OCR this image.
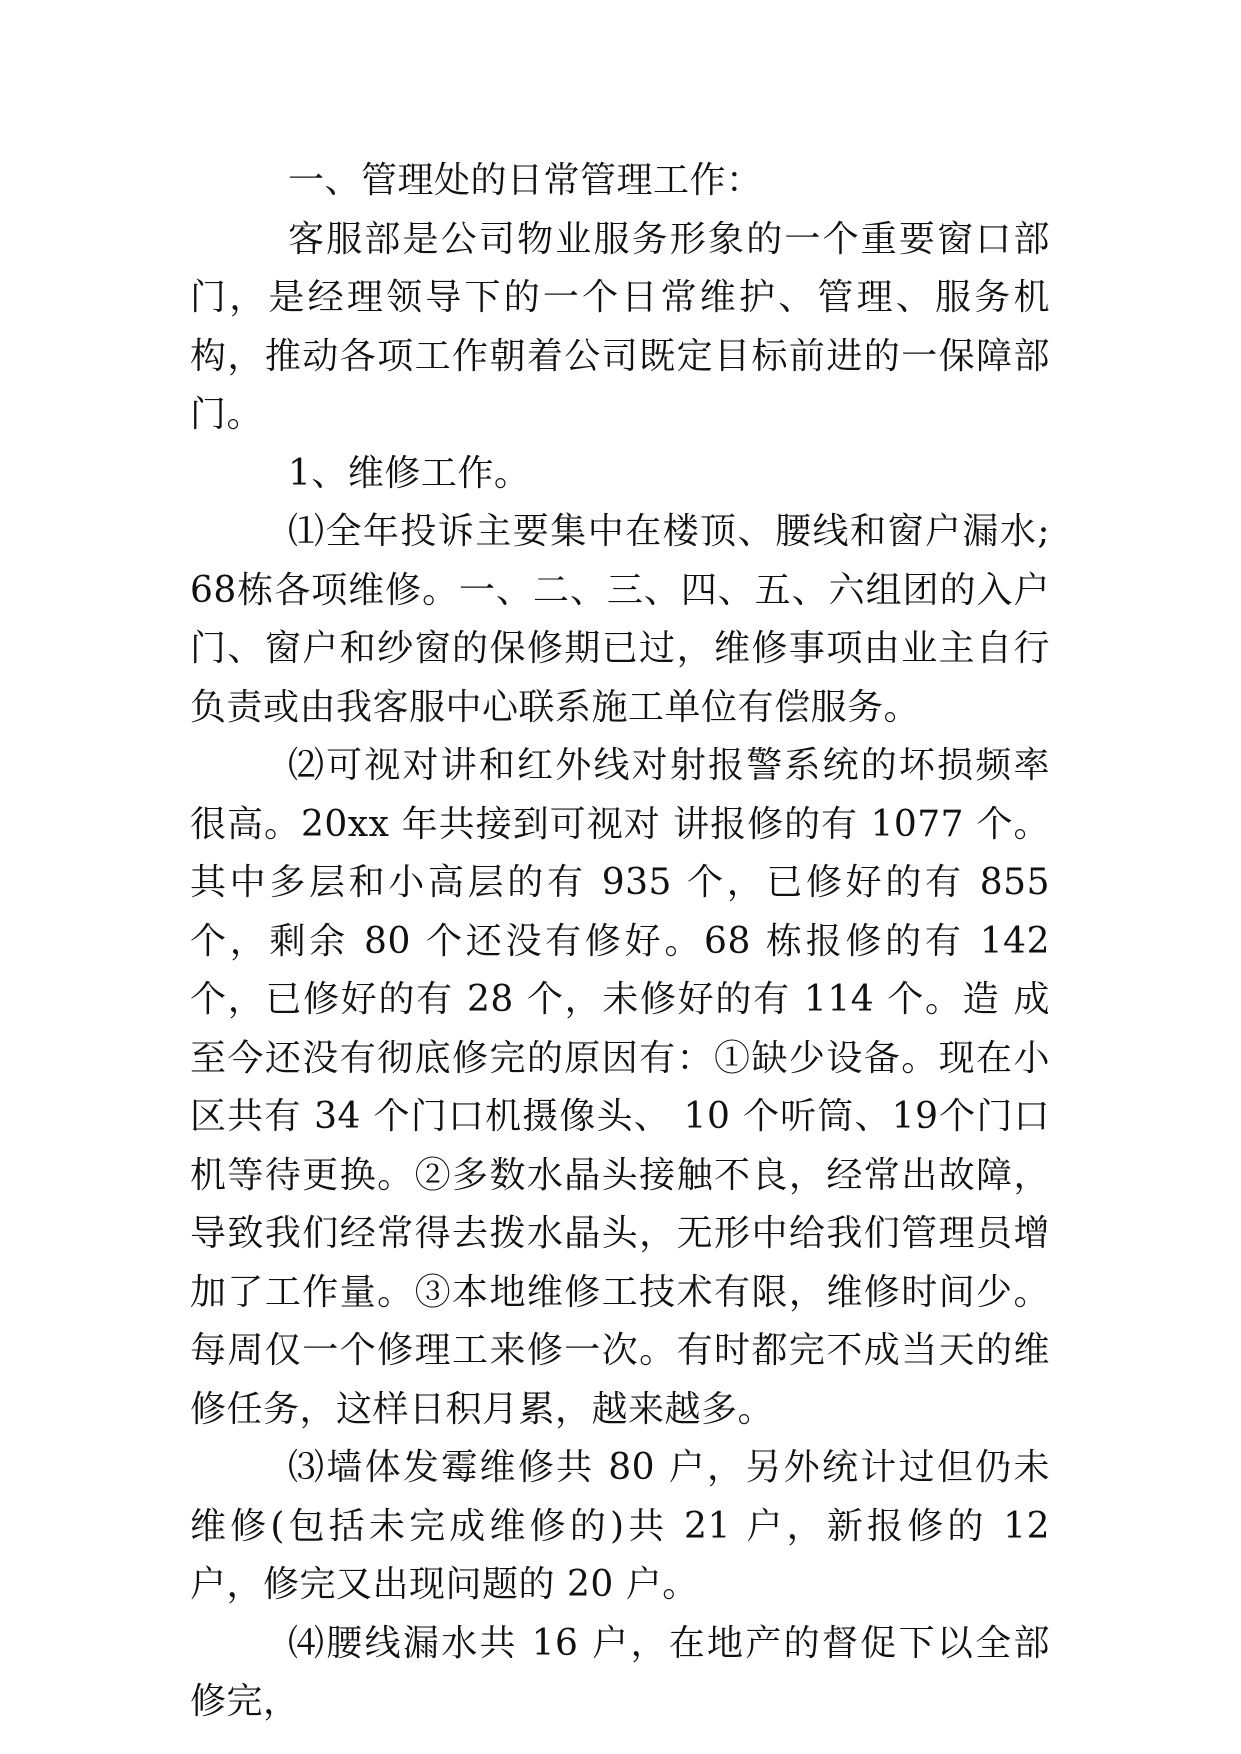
一、管理处的日常管理工作：

客服部是公司物业服务形象的一个重要窗口部门，是经理领导下的一个日常维护、管理、服务机构，推动各项工作朝着公司既定目标前进的一保障部门。

1、维修工作。

⑴全年投诉主要集中在楼顶、腰线和窗户漏水;68栋各项维修。一、二、三、四、五、六组团的入户门、窗户和纱窗的保修期已过，维修事项由业主自行负责或由我客服中心联系施工单位有偿服务。

⑵可视对讲和红外线对射报警系统的坏损频率很高。20xx 年共接到可视对 讲报修的有 1077 个。其中多层和小高层的有 935 个，已修好的有 855 个，剩余 80 个还没有修好。68 栋报修的有 142 个，已修好的有 28 个，未修好的有 114 个。造 成至今还没有彻底修完的原因有：①缺少设备。现在小区共有 34 个门口机摄像头、 10 个听筒、19个门口机等待更换。②多数水晶头接触不良，经常出故障，导致我们经常得去拨水晶头，无形中给我们管理员增加了工作量。③本地维修工技术有限，维修时间少。每周仅一个修理工来修一次。有时都完不成当天的维修任务，这样日积月累，越来越多。

⑶墙体发霉维修共 80 户，另外统计过但仍未维修(包括未完成维修的)共 21 户，新报修的 12 户，修完又出现问题的 20 户。

⑷腰线漏水共 16 户，在地产的督促下以全部修完，
